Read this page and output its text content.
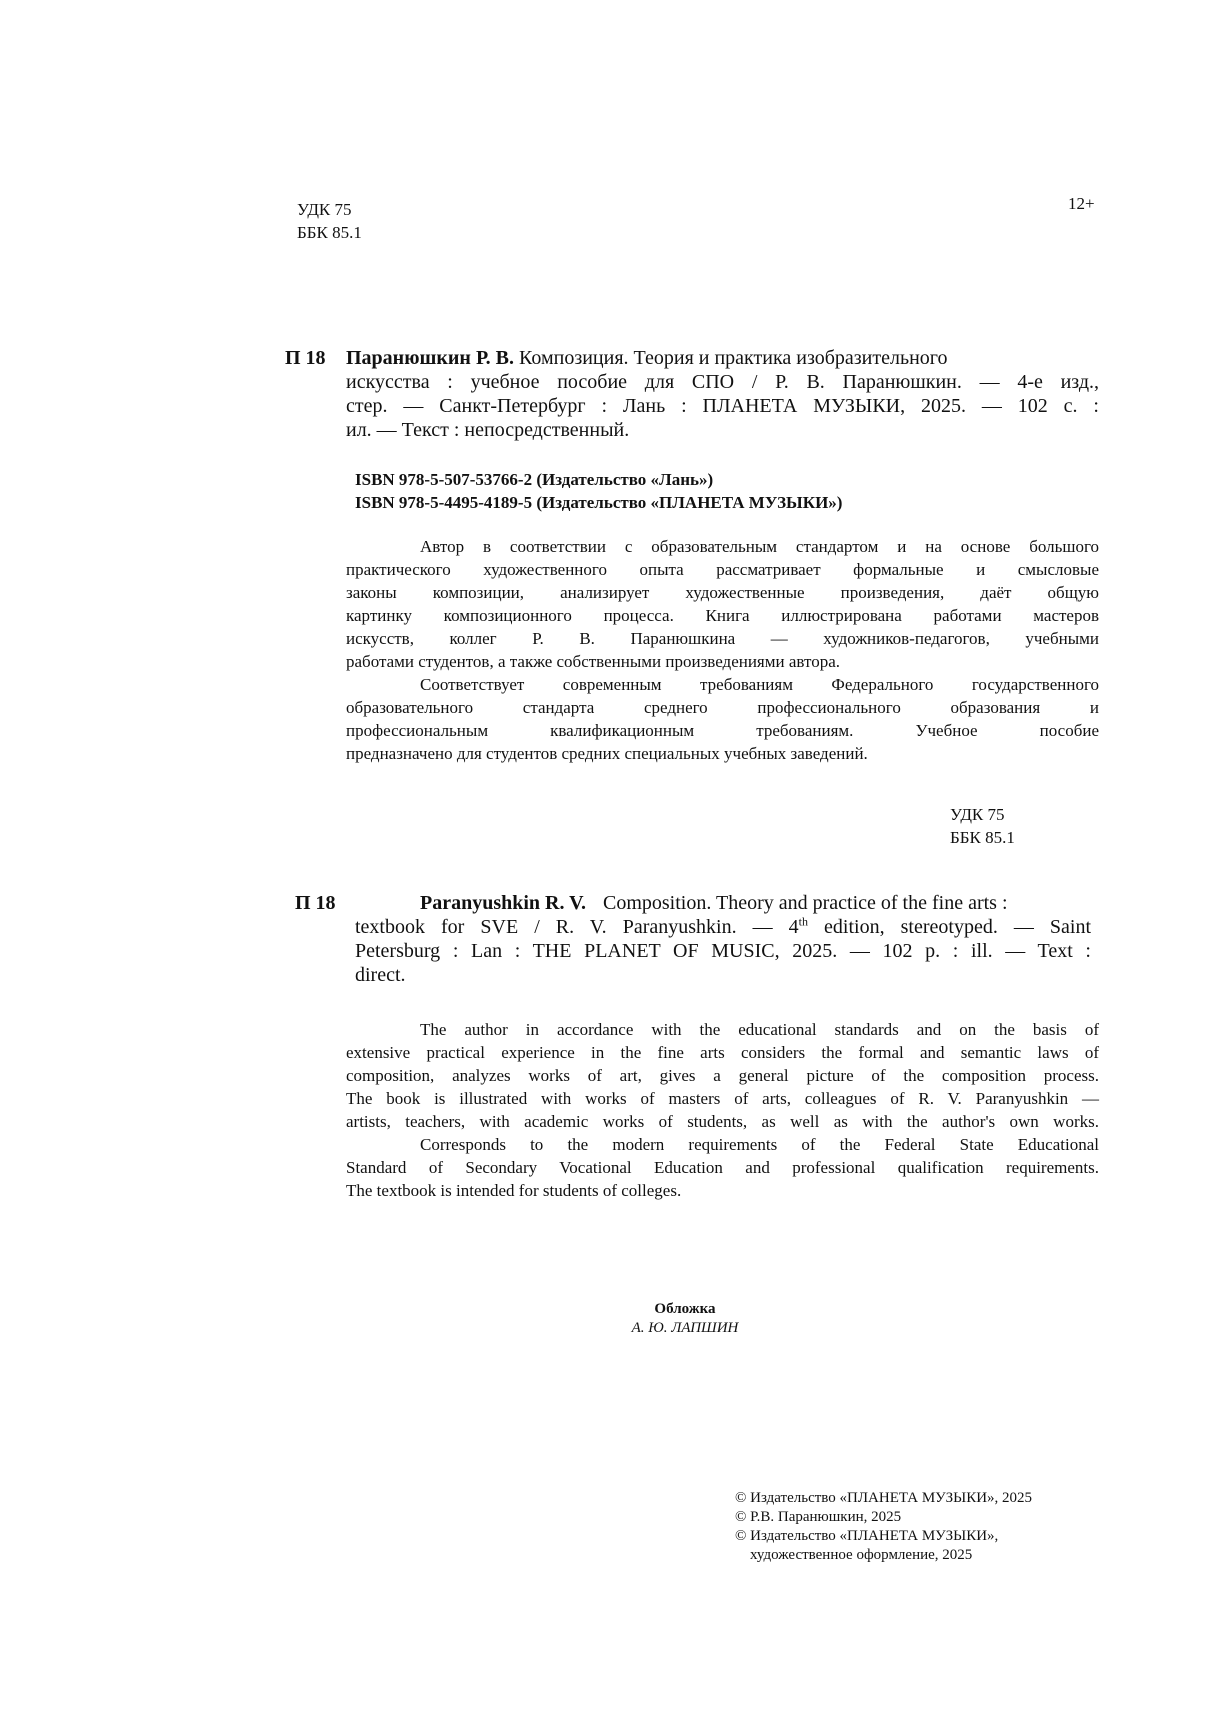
УДК 75
ББК 85.1
12+
П 18 Паранюшкин Р. В. Композиция. Теория и практика изобразительного
искусства : учебное пособие для СПО / Р. В. Паранюшкин. — 4-е изд.,
стер. — Санкт-Петербург : Лань : ПЛАНЕТА МУЗЫКИ, 2025. — 102 с. :
ил. — Текст : непосредственный.
ISBN 978-5-507-53766-2 (Издательство «Лань»)
ISBN 978-5-4495-4189-5 (Издательство «ПЛАНЕТА МУЗЫКИ»)
Автор в соответствии с образовательным стандартом и на основе большого
практического художественного опыта рассматривает формальные и смысловые
законы композиции, анализирует художественные произведения, даёт общую
картинку композиционного процесса. Книга иллюстрирована работами мастеров
искусств, коллег Р. В. Паранюшкина — художников-педагогов, учебными
работами студентов, а также собственными произведениями автора.
Соответствует современным требованиям Федерального государственного
образовательного стандарта среднего профессионального образования и
профессиональным квалификационным требованиям. Учебное пособие
предназначено для студентов средних специальных учебных заведений.
УДК 75
ББК 85.1
П 18	Paranyushkin R. V. Composition. Theory and practice of the fine arts :
textbook for SVE / R. V. Paranyushkin. — 4th edition, stereotyped. — Saint
Petersburg : Lan : THE PLANET OF MUSIC, 2025. — 102 p. : ill. — Text :
direct.
The author in accordance with the educational standards and on the basis of
extensive practical experience in the fine arts considers the formal and semantic laws of
composition, analyzes works of art, gives a general picture of the composition process.
The book is illustrated with works of masters of arts, colleagues of R. V. Paranyushkin —
artists, teachers, with academic works of students, as well as with the author's own works.
Corresponds to the modern requirements of the Federal State Educational
Standard of Secondary Vocational Education and professional qualification requirements.
The textbook is intended for students of colleges.
Обложка
А. Ю. ЛАПШИН
© Издательство «ПЛАНЕТА МУЗЫКИ», 2025
© Р.В. Паранюшкин, 2025
© Издательство «ПЛАНЕТА МУЗЫКИ»,
художественное оформление, 2025
